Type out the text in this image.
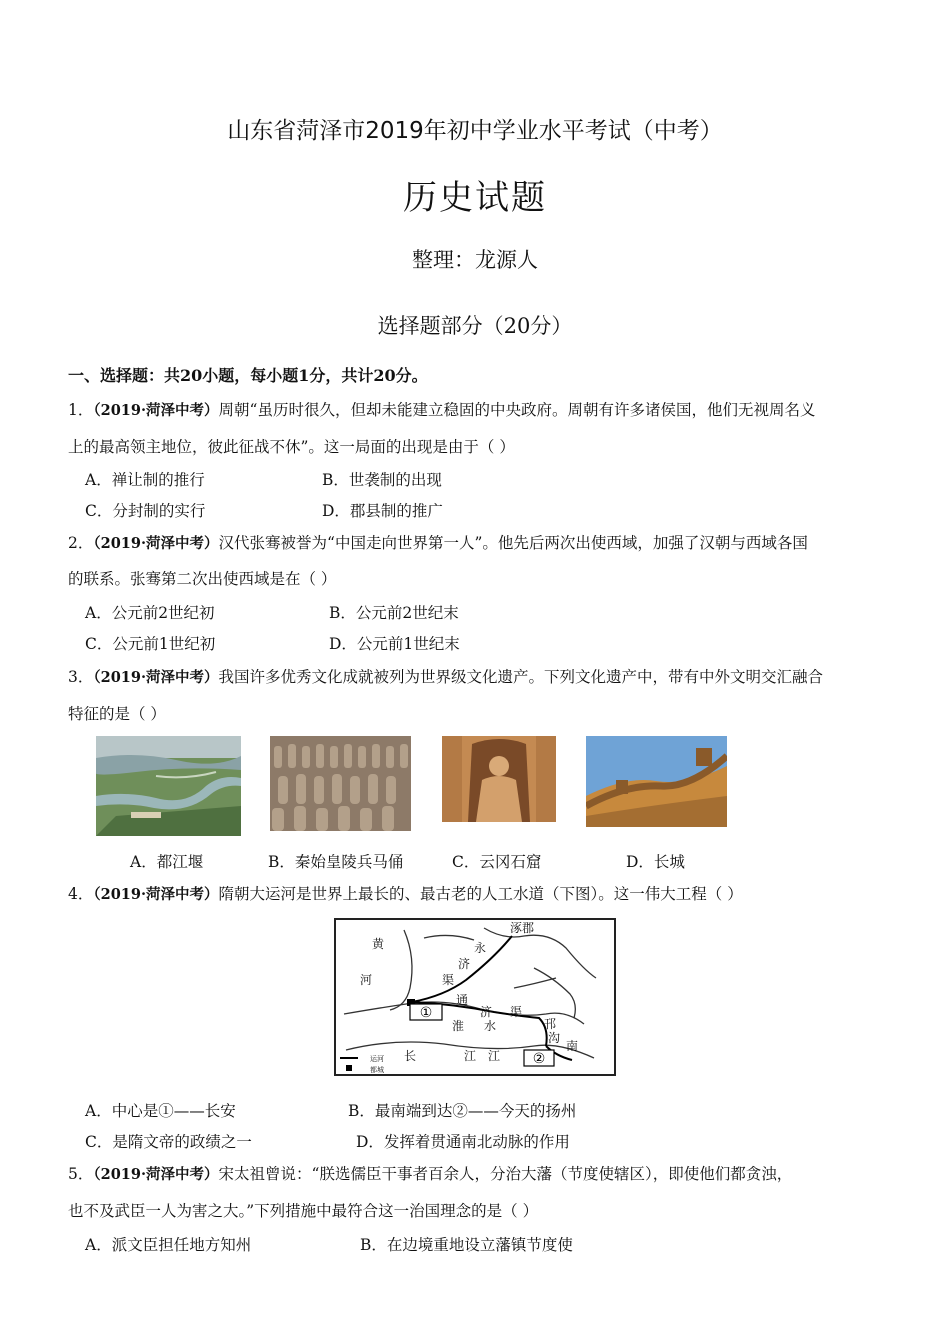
山东省菏泽市2019年初中学业水平考试（中考）
历史试题
整理：龙源人
选择题部分（20分）
一、选择题：共20小题，每小题1分，共计20分。
1．（2019·菏泽中考）周朝“虽历时很久，但却未能建立稳固的中央政府。周朝有许多诸侯国，他们无视周名义
上的最高领主地位，彼此征战不休”。这一局面的出现是由于（ ）
A．禅让制的推行	B．世袭制的出现
C．分封制的实行	D．郡县制的推广
2．（2019·菏泽中考）汉代张骞被誉为“中国走向世界第一人”。他先后两次出使西域，加强了汉朝与西域各国
的联系。张骞第二次出使西域是在（ ）
A．公元前2世纪初	B．公元前2世纪末
C．公元前1世纪初	D．公元前1世纪末
3．（2019·菏泽中考）我国许多优秀文化成就被列为世界级文化遗产。下列文化遗产中，带有中外文明交汇融合
特征的是（ ）
A．都江堰	B．秦始皇陵兵马俑	C．云冈石窟	D．长城
4．（2019·菏泽中考）隋朝大运河是世界上最长的、最古老的人工水道（下图）。这一伟大工程（ ）
①
②
涿郡
永
济
渠
黄
河
通
济 渠
淮 水	邗
沟
江
长	江
南
运河
都城
A．中心是①——长安	B．最南端到达②——今天的扬州
C．是隋文帝的政绩之一	D．发挥着贯通南北动脉的作用
5．（2019·菏泽中考）宋太祖曾说：“朕选儒臣干事者百余人，分治大藩（节度使辖区），即使他们都贪浊，
也不及武臣一人为害之大。”下列措施中最符合这一治国理念的是（ ）
A．派文臣担任地方知州	B．在边境重地设立藩镇节度使
